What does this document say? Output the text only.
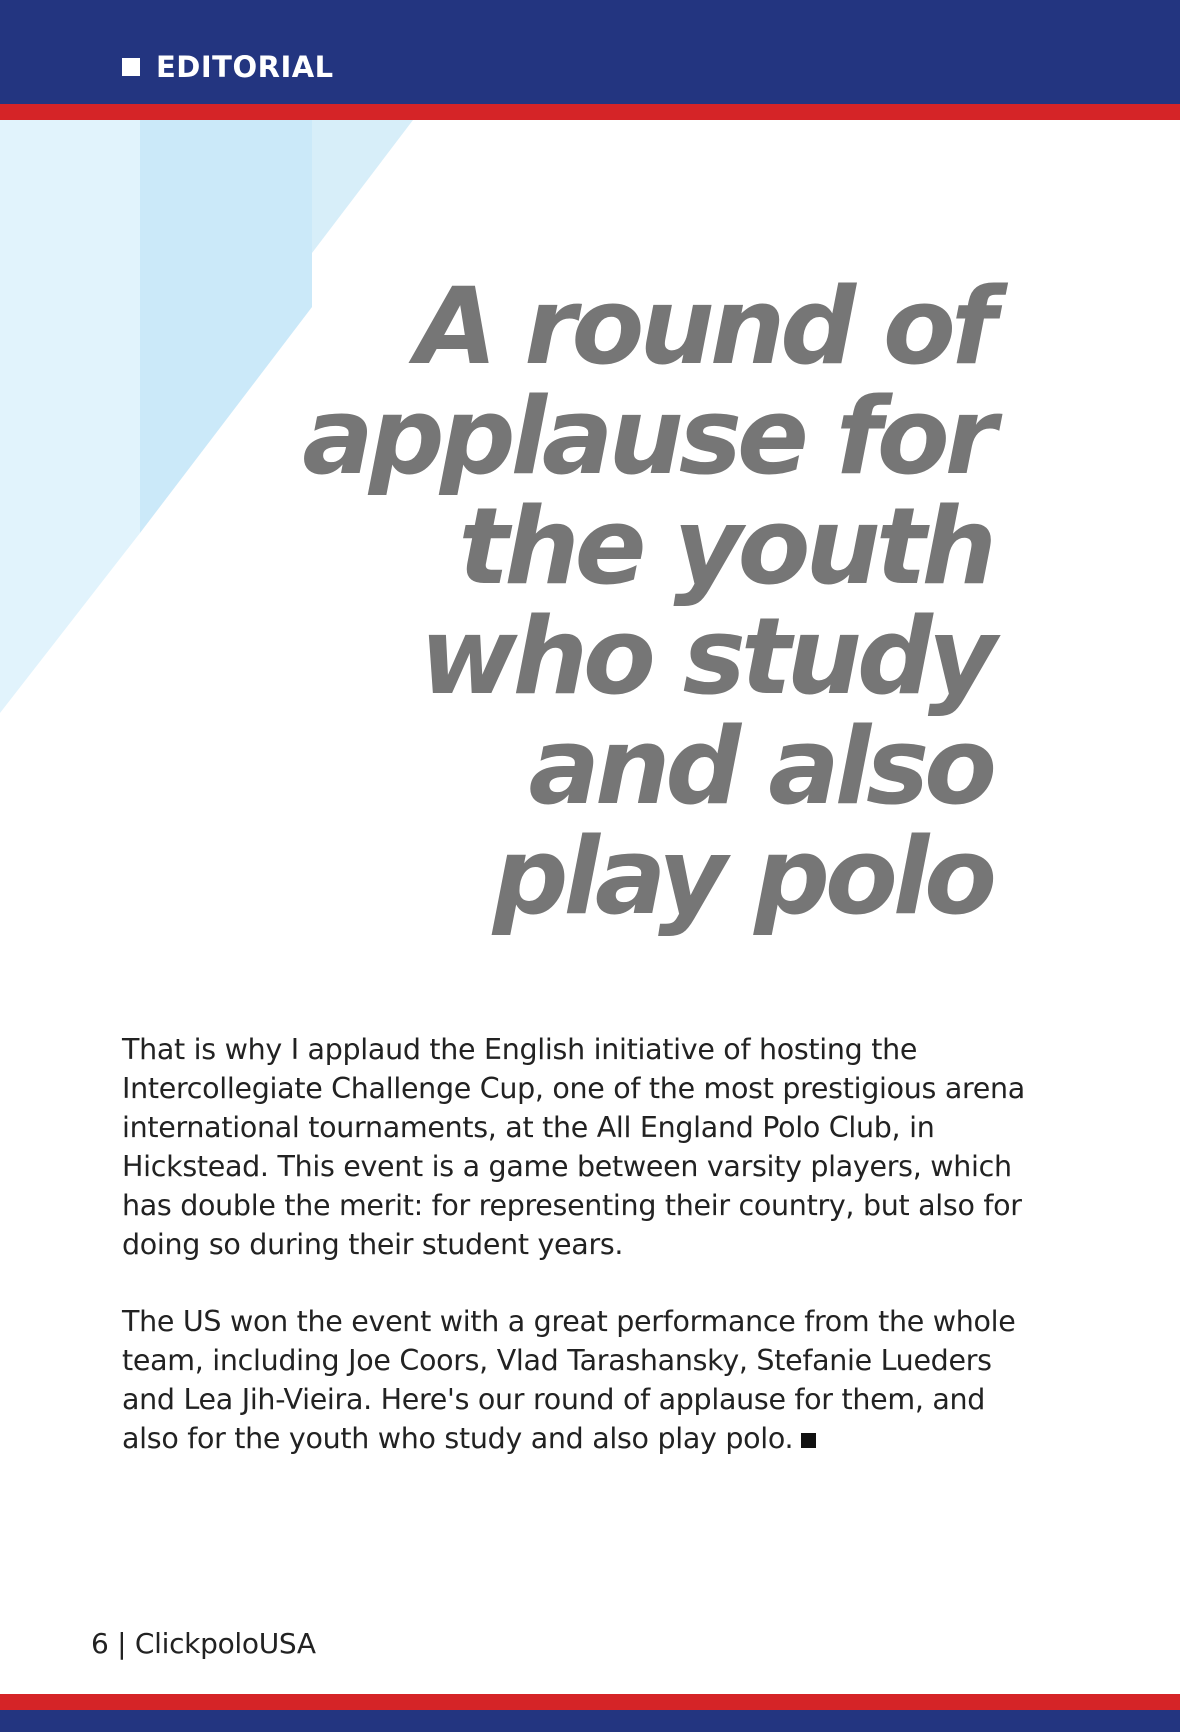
EDITORIAL
A round of
applause for
the youth
who study
and also
play polo

That is why I applaud the English initiative of hosting the Intercollegiate Challenge Cup, one of the most prestigious arena international tournaments, at the All England Polo Club, in Hickstead. This event is a game between varsity players, which has double the merit: for representing their country, but also for doing so during their student years.

The US won the event with a great performance from the whole team, including Joe Coors, Vlad Tarashansky, Stefanie Lueders and Lea Jih-Vieira. Here's our round of applause for them, and also for the youth who study and also play polo.

6 | ClickpoloUSA
